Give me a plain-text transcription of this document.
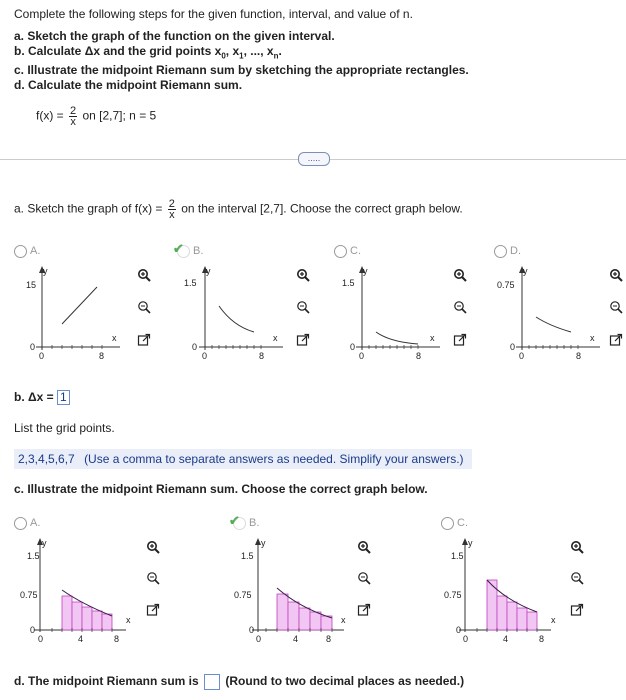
Complete the following steps for the given function, interval, and value of n.
a. Sketch the graph of the function on the given interval.
b. Calculate Δx and the grid points $x_0$, $x_1$, ..., $x_n$.
c. Illustrate the midpoint Riemann sum by sketching the appropriate rectangles.
d. Calculate the midpoint Riemann sum.
$f(x) = \frac{2}{x}$ on [2,7]; n = 5
.....
a. Sketch the graph of $f(x) = \frac{2}{x}$ on the interval [2,7]. Choose the correct graph below.
A.
15
y
0
0	8
x
✔ B.
1.5
y
0
0	8
x
C.
1.5
y
0
0	8
x
D.
0.75
y
0
0	8
x
b. Δx = 1
List the grid points.
2,3,4,5,6,7 (Use a comma to separate answers as needed. Simplify your answers.)
c. Illustrate the midpoint Riemann sum. Choose the correct graph below.
A.
1.5
0.75
y
0
0	4	8
x
✔ B.
1.5
0.75
y
0
0	4	8
x
C.
1.5
0.75
y
0
0	4	8
x
d. The midpoint Riemann sum is (Round to two decimal places as needed.)
